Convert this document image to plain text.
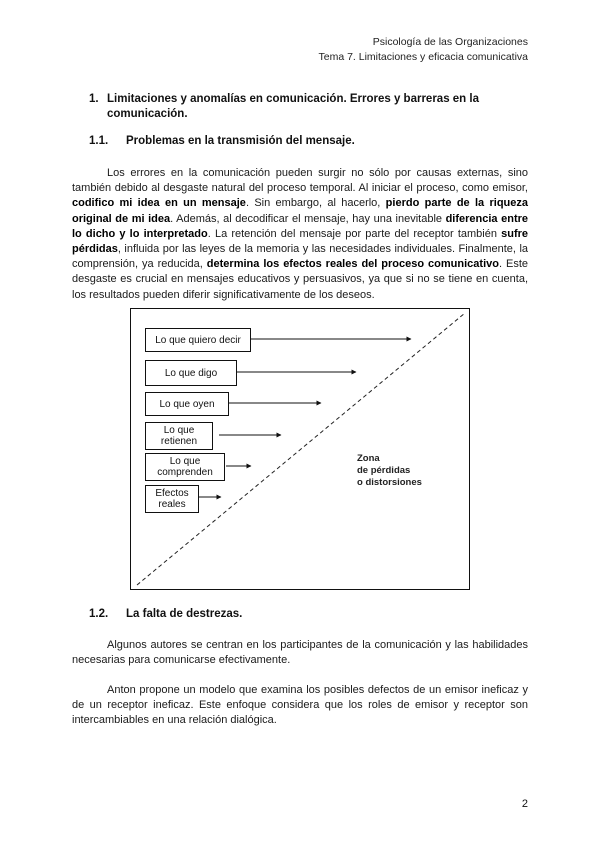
Psicología de las Organizaciones
Tema 7. Limitaciones y eficacia comunicativa
1. Limitaciones y anomalías en comunicación. Errores y barreras en la comunicación.
1.1. Problemas en la transmisión del mensaje.
Los errores en la comunicación pueden surgir no sólo por causas externas, sino también debido al desgaste natural del proceso temporal. Al iniciar el proceso, como emisor, codifico mi idea en un mensaje. Sin embargo, al hacerlo, pierdo parte de la riqueza original de mi idea. Además, al decodificar el mensaje, hay una inevitable diferencia entre lo dicho y lo interpretado. La retención del mensaje por parte del receptor también sufre pérdidas, influida por las leyes de la memoria y las necesidades individuales. Finalmente, la comprensión, ya reducida, determina los efectos reales del proceso comunicativo. Este desgaste es crucial en mensajes educativos y persuasivos, ya que si no se tiene en cuenta, los resultados pueden diferir significativamente de los deseos.
Lo que quiero decir
Lo que digo
Lo que oyen
Lo que retienen
Lo que comprenden
Efectos reales
Zona
de pérdidas
o distorsiones
1.2. La falta de destrezas.
Algunos autores se centran en los participantes de la comunicación y las habilidades necesarias para comunicarse efectivamente.
Anton propone un modelo que examina los posibles defectos de un emisor ineficaz y de un receptor ineficaz. Este enfoque considera que los roles de emisor y receptor son intercambiables en una relación dialógica.
2
